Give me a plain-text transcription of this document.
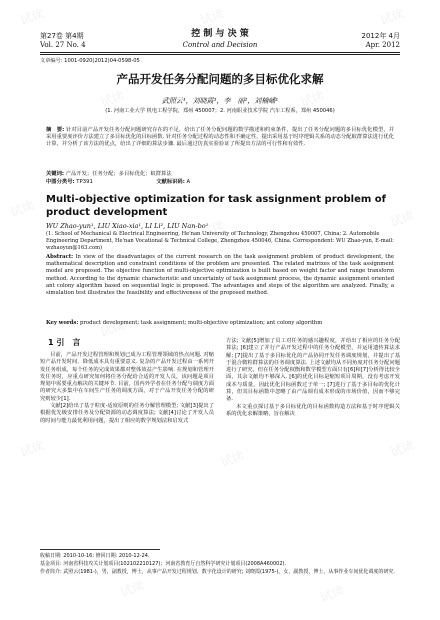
试读	试读	试读
试读	试读
试读
试读	试读
试读	试读
试读	试读	试读
试读	试读
第27卷 第4期
Vol. 27 No. 4
控 制 与 决 策
Control and Decision
2012年 4月
Apr. 2012
文章编号: 1001-0920(2012)04-0598-05
产品开发任务分配问题的多目标优化求解
武照云¹，刘晓霞¹，李　丽²，刘楠嶓¹
(1. 河南工业大学 机电工程学院，郑州 450007；2. 河南职业技术学院 汽车工程系，郑州 450046)
摘　要: 针对目前产品开发任务分配问题研究存在的不足，给出了任务分配问题的数学描述和约束条件，提出了任务分配问题的多目标优化模型，并采用重要度评价方法建立了多目标优化的目标函数. 针对任务分配过程的动态性和不确定性，提出采用基于时序逻辑关系的动态分配蚁群算法进行优化计算，并分析了该方法的优点，给出了详细的算法步骤. 最后通过仿真实验验证了所提出方法的可行性和有效性.
关键词: 产品开发；任务分配；多目标优化；蚁群算法
中图分类号: TP391	文献标识码: A
Multi-objective optimization for task assignment problem of product development
WU Zhao-yun¹, LIU Xiao-xia¹, LI Li², LIU Nan-bo¹
(1. School of Mechanical & Electrical Engineering, He'nan University of Technology, Zhengzhou 450007, China; 2. Automobile Engineering Department, He'nan Vocational & Technical College, Zhengzhou 450046, China. Correspondent: WU Zhao-yun, E-mail: wzhaoyun@163.com)
Abstract: In view of the disadvantages of the current research on the task assignment problem of product development, the mathematical description and constraint conditions of the problem are presented. The related matrixes of the task assignment model are proposed. The objective function of multi-objective optimization is built based on weight factor and range transform method. According to the dynamic characteristic and uncertainty of task assignment process, the dynamic assignment oriented ant colony algorithm based on sequential logic is proposed. The advantages and steps of the algorithm are analyzed. Finally, a simulation test illustrates the feasibility and effectiveness of the proposed method.
Key words: product development; task assignment; multi-objective optimization; ant colony algorithm
1 引　言

目前，产品开发过程管理和规划已成为工程管理领域的热点问题. 对缩短产品开发时间、降低成本具有重要意义. 复杂的产品开发过程由一系列开发任务组成，每个任务的完成效果都对整体效益产生影响. 在规划和管理开发任务时，应重点研究如何将任务分配给合适的开发人员，该问题是项目规划中需要重点解决的关键环节. 目前，国内外学者在任务分配与调度方面的研究大多集中在车间生产任务的调度方面，对于产品开发任务分配的研究则较少[1].

文献[2]给出了基于粒度-适度原则的任务分解管理模型; 文献[3]提出了根据优先级安排任务及分配资源的动态调度算法; 文献[4]讨论了开发人员的时间与能力最优利用问题，提出了相应的数学规划法和启发式

方法; 文献[5]增加了员工对任务的感兴趣程度，并给出了相应的任务分配算法; [6]建立了并行产品开发过程中的任务分配模型，并运用遗传算法求解; [7]提出了基于多目标优化的产品协同开发任务调度规划，并提出了基于混合微粒群算法的任务调度算法. 上述文献均从不同角度对任务分配问题进行了研究，但在任务分配权衡和数学模型方面只有[6]和[7]分析得比较全面，其余文献均不够深入. [6]的优化目标是缩短项目周期，没有考虑开发成本与质量，因此优化目标函数过于单一; [7]进行了基于多目标的优化计算，但其目标函数中忽略了由产品调有成本形成的市场价值，因而不够完备.

本文重点探讨基于多目标优化的目标函数构造方法和基于时序逻辑关系的优化求解策略，旨在解决

收稿日期: 2010-10-16; 修回日期: 2010-12-24.
基金项目: 河南省科技攻关计划项目(102102210127)；河南省教育厅自然科学研究计划项目(2008A460002).
作者简介: 武照云(1981-)，男，副教授，博士，从事产品开发过程规划、数字化设计的研究; 刘晓霞(1975-)，女，副教授，博士，从事作业车间优化调度的研究.
